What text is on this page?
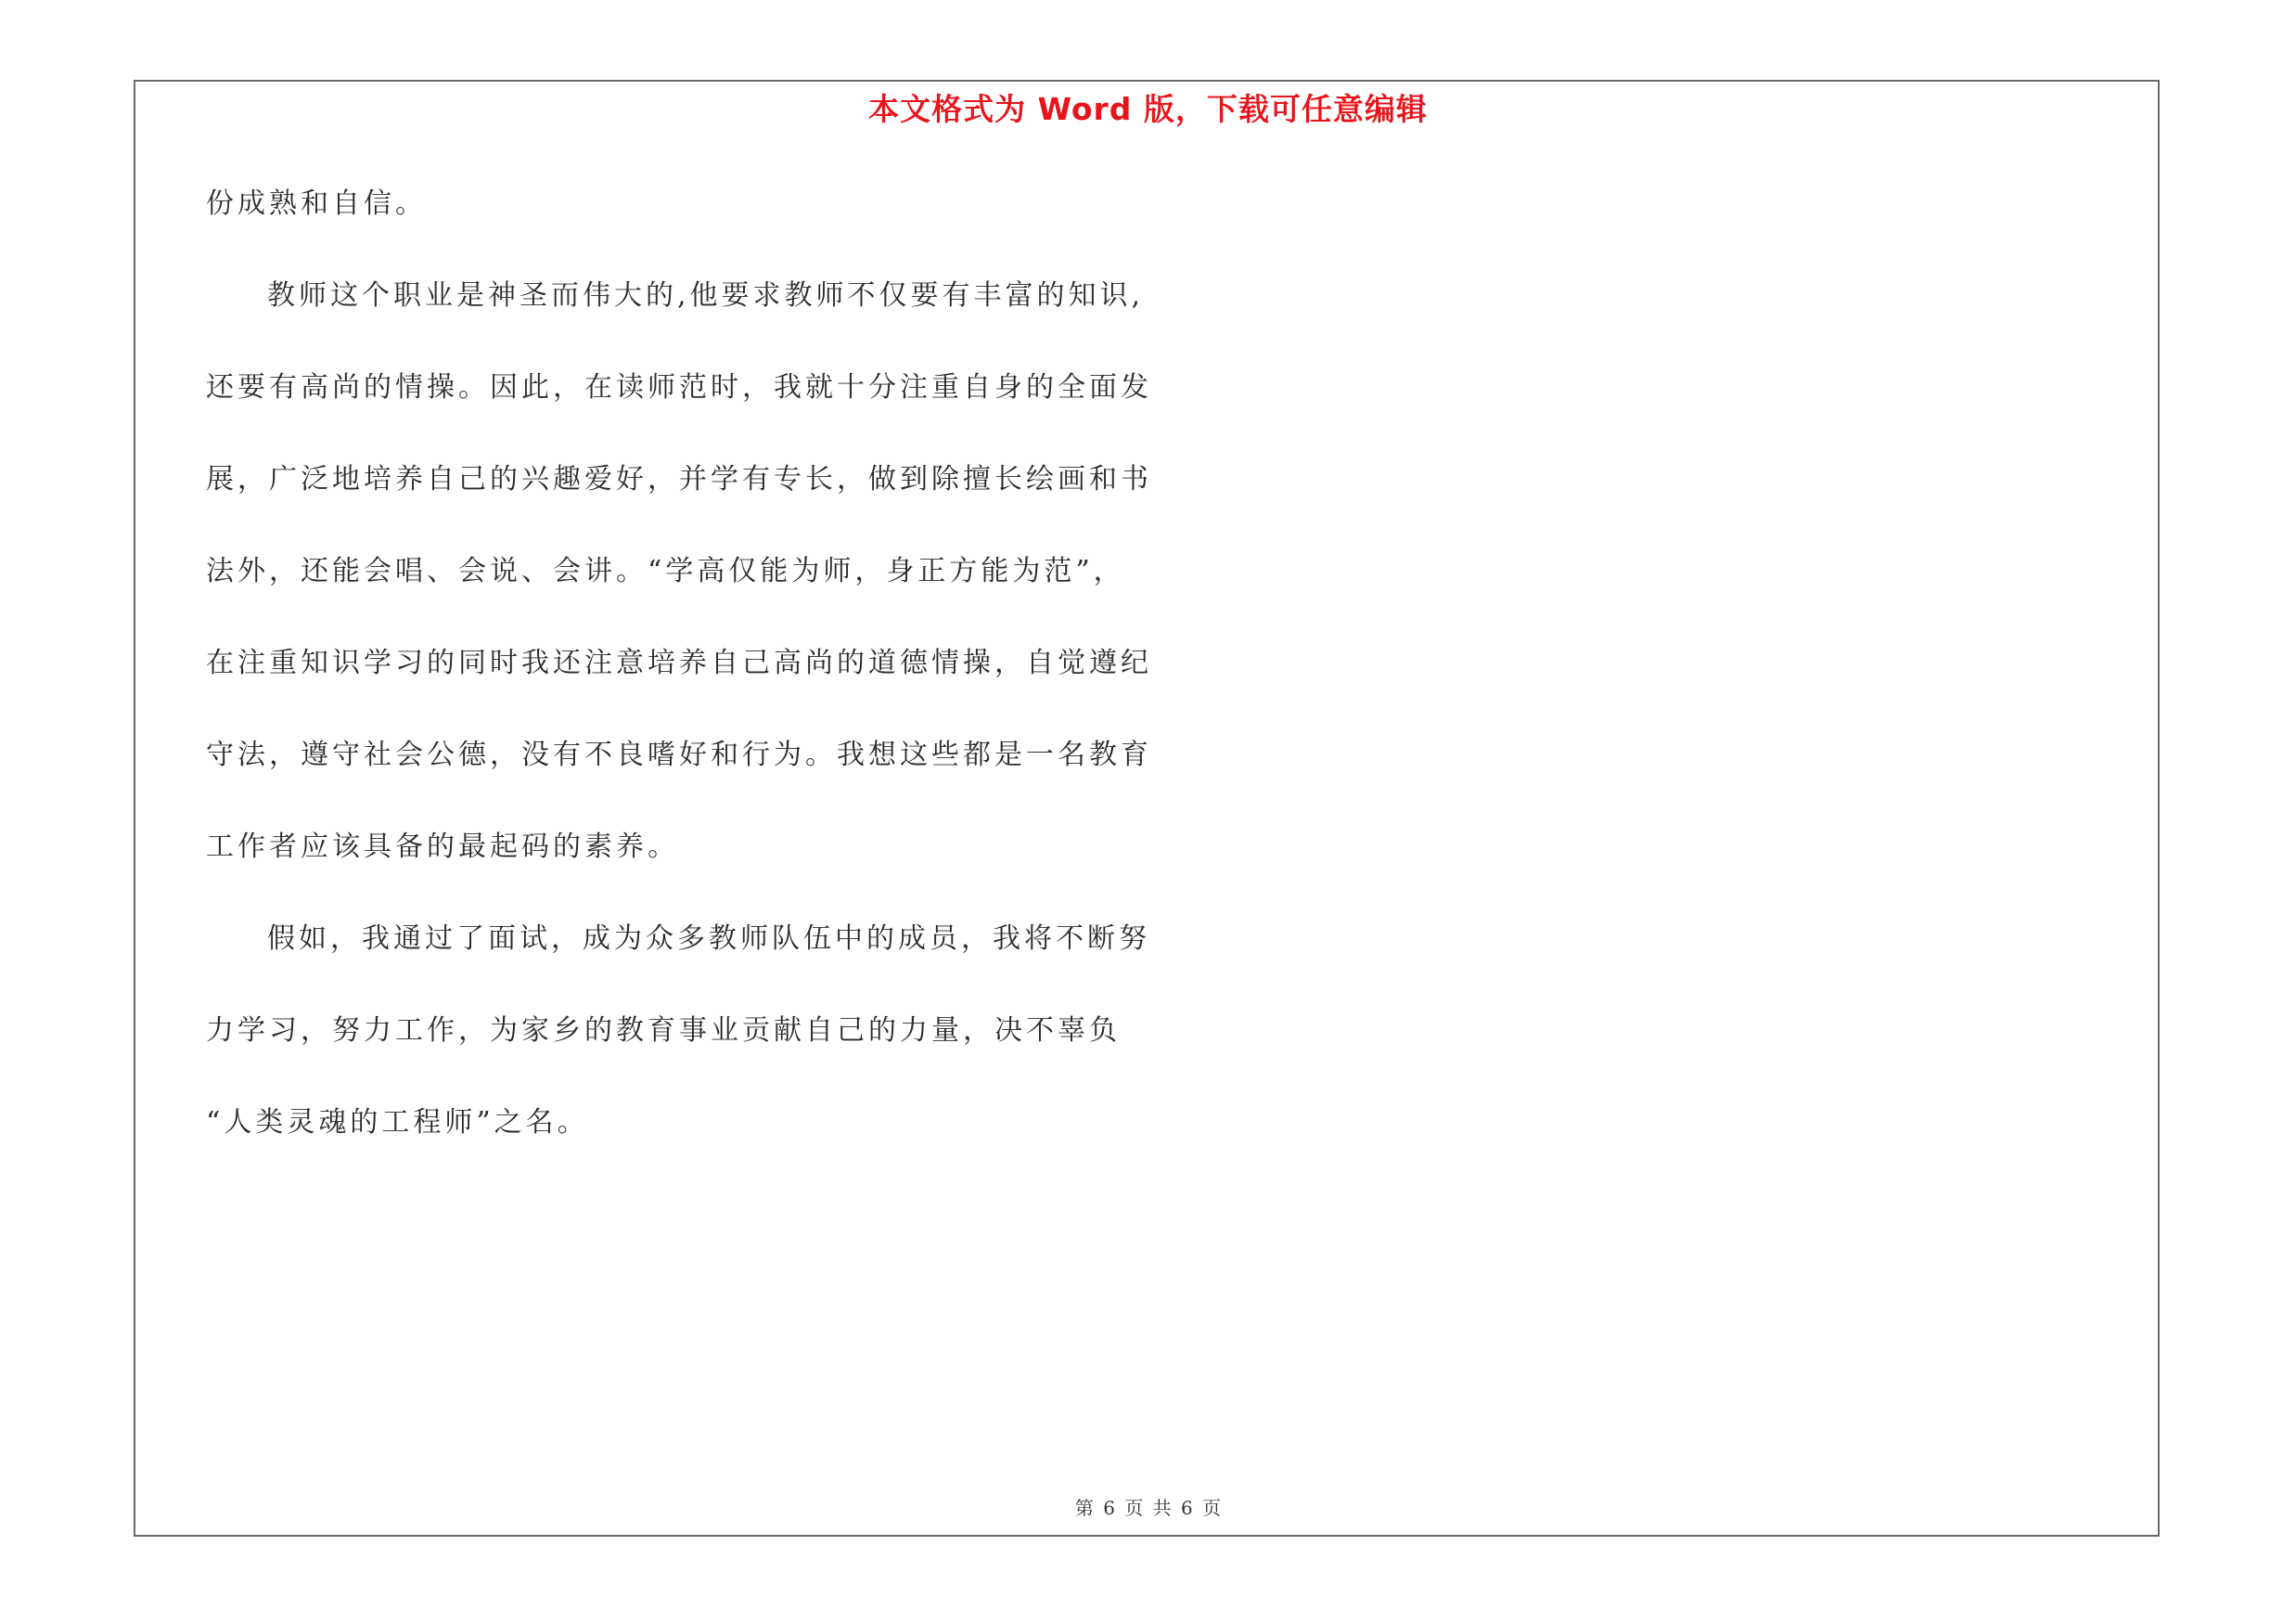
本文格式为 Word 版，下载可任意编辑
份成熟和自信。
教师这个职业是神圣而伟大的,他要求教师不仅要有丰富的知识,
还要有高尚的情操。因此，在读师范时，我就十分注重自身的全面发
展，广泛地培养自己的兴趣爱好，并学有专长，做到除擅长绘画和书
法外，还能会唱、会说、会讲。“学高仅能为师，身正方能为范”，
在注重知识学习的同时我还注意培养自己高尚的道德情操，自觉遵纪
守法，遵守社会公德，没有不良嗜好和行为。我想这些都是一名教育
工作者应该具备的最起码的素养。
假如，我通过了面试，成为众多教师队伍中的成员，我将不断努
力学习，努力工作，为家乡的教育事业贡献自己的力量，决不辜负
“人类灵魂的工程师”之名。
第 6 页 共 6 页
